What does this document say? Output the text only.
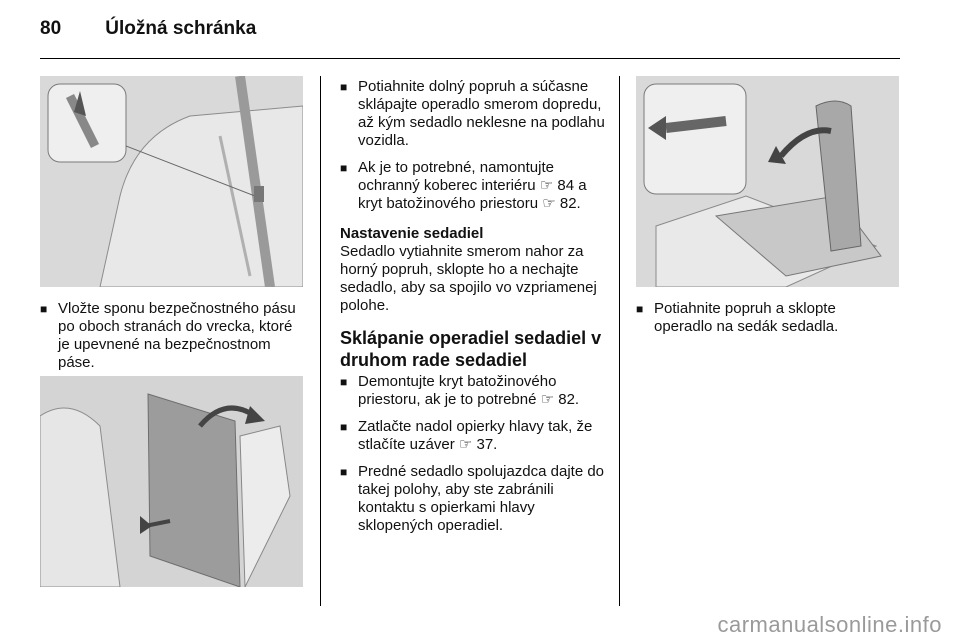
80 Úložná schránka

■ Vložte sponu bezpečnostného pásu po oboch stranách do vrecka, ktoré je upevnené na bezpečnostnom páse.

■ Potiahnite dolný popruh a súčasne sklápajte operadlo smerom dopredu, až kým sedadlo neklesne na podlahu vozidla.

■ Ak je to potrebné, namontujte ochranný koberec interiéru ☞ 84 a kryt batožinového priestoru ☞ 82.

Nastavenie sedadiel

Sedadlo vytiahnite smerom nahor za horný popruh, sklopte ho a nechajte sedadlo, aby sa spojilo vo vzpriamenej polohe.

Sklápanie operadiel sedadiel v druhom rade sedadiel

■ Demontujte kryt batožinového priestoru, ak je to potrebné ☞ 82.

■ Zatlačte nadol opierky hlavy tak, že stlačíte uzáver ☞ 37.

■ Predné sedadlo spolujazdca dajte do takej polohy, aby ste zabránili kontaktu s opierkami hlavy sklopených operadiel.

■ Potiahnite popruh a sklopte operadlo na sedák sedadla.

carmanualsonline.info
